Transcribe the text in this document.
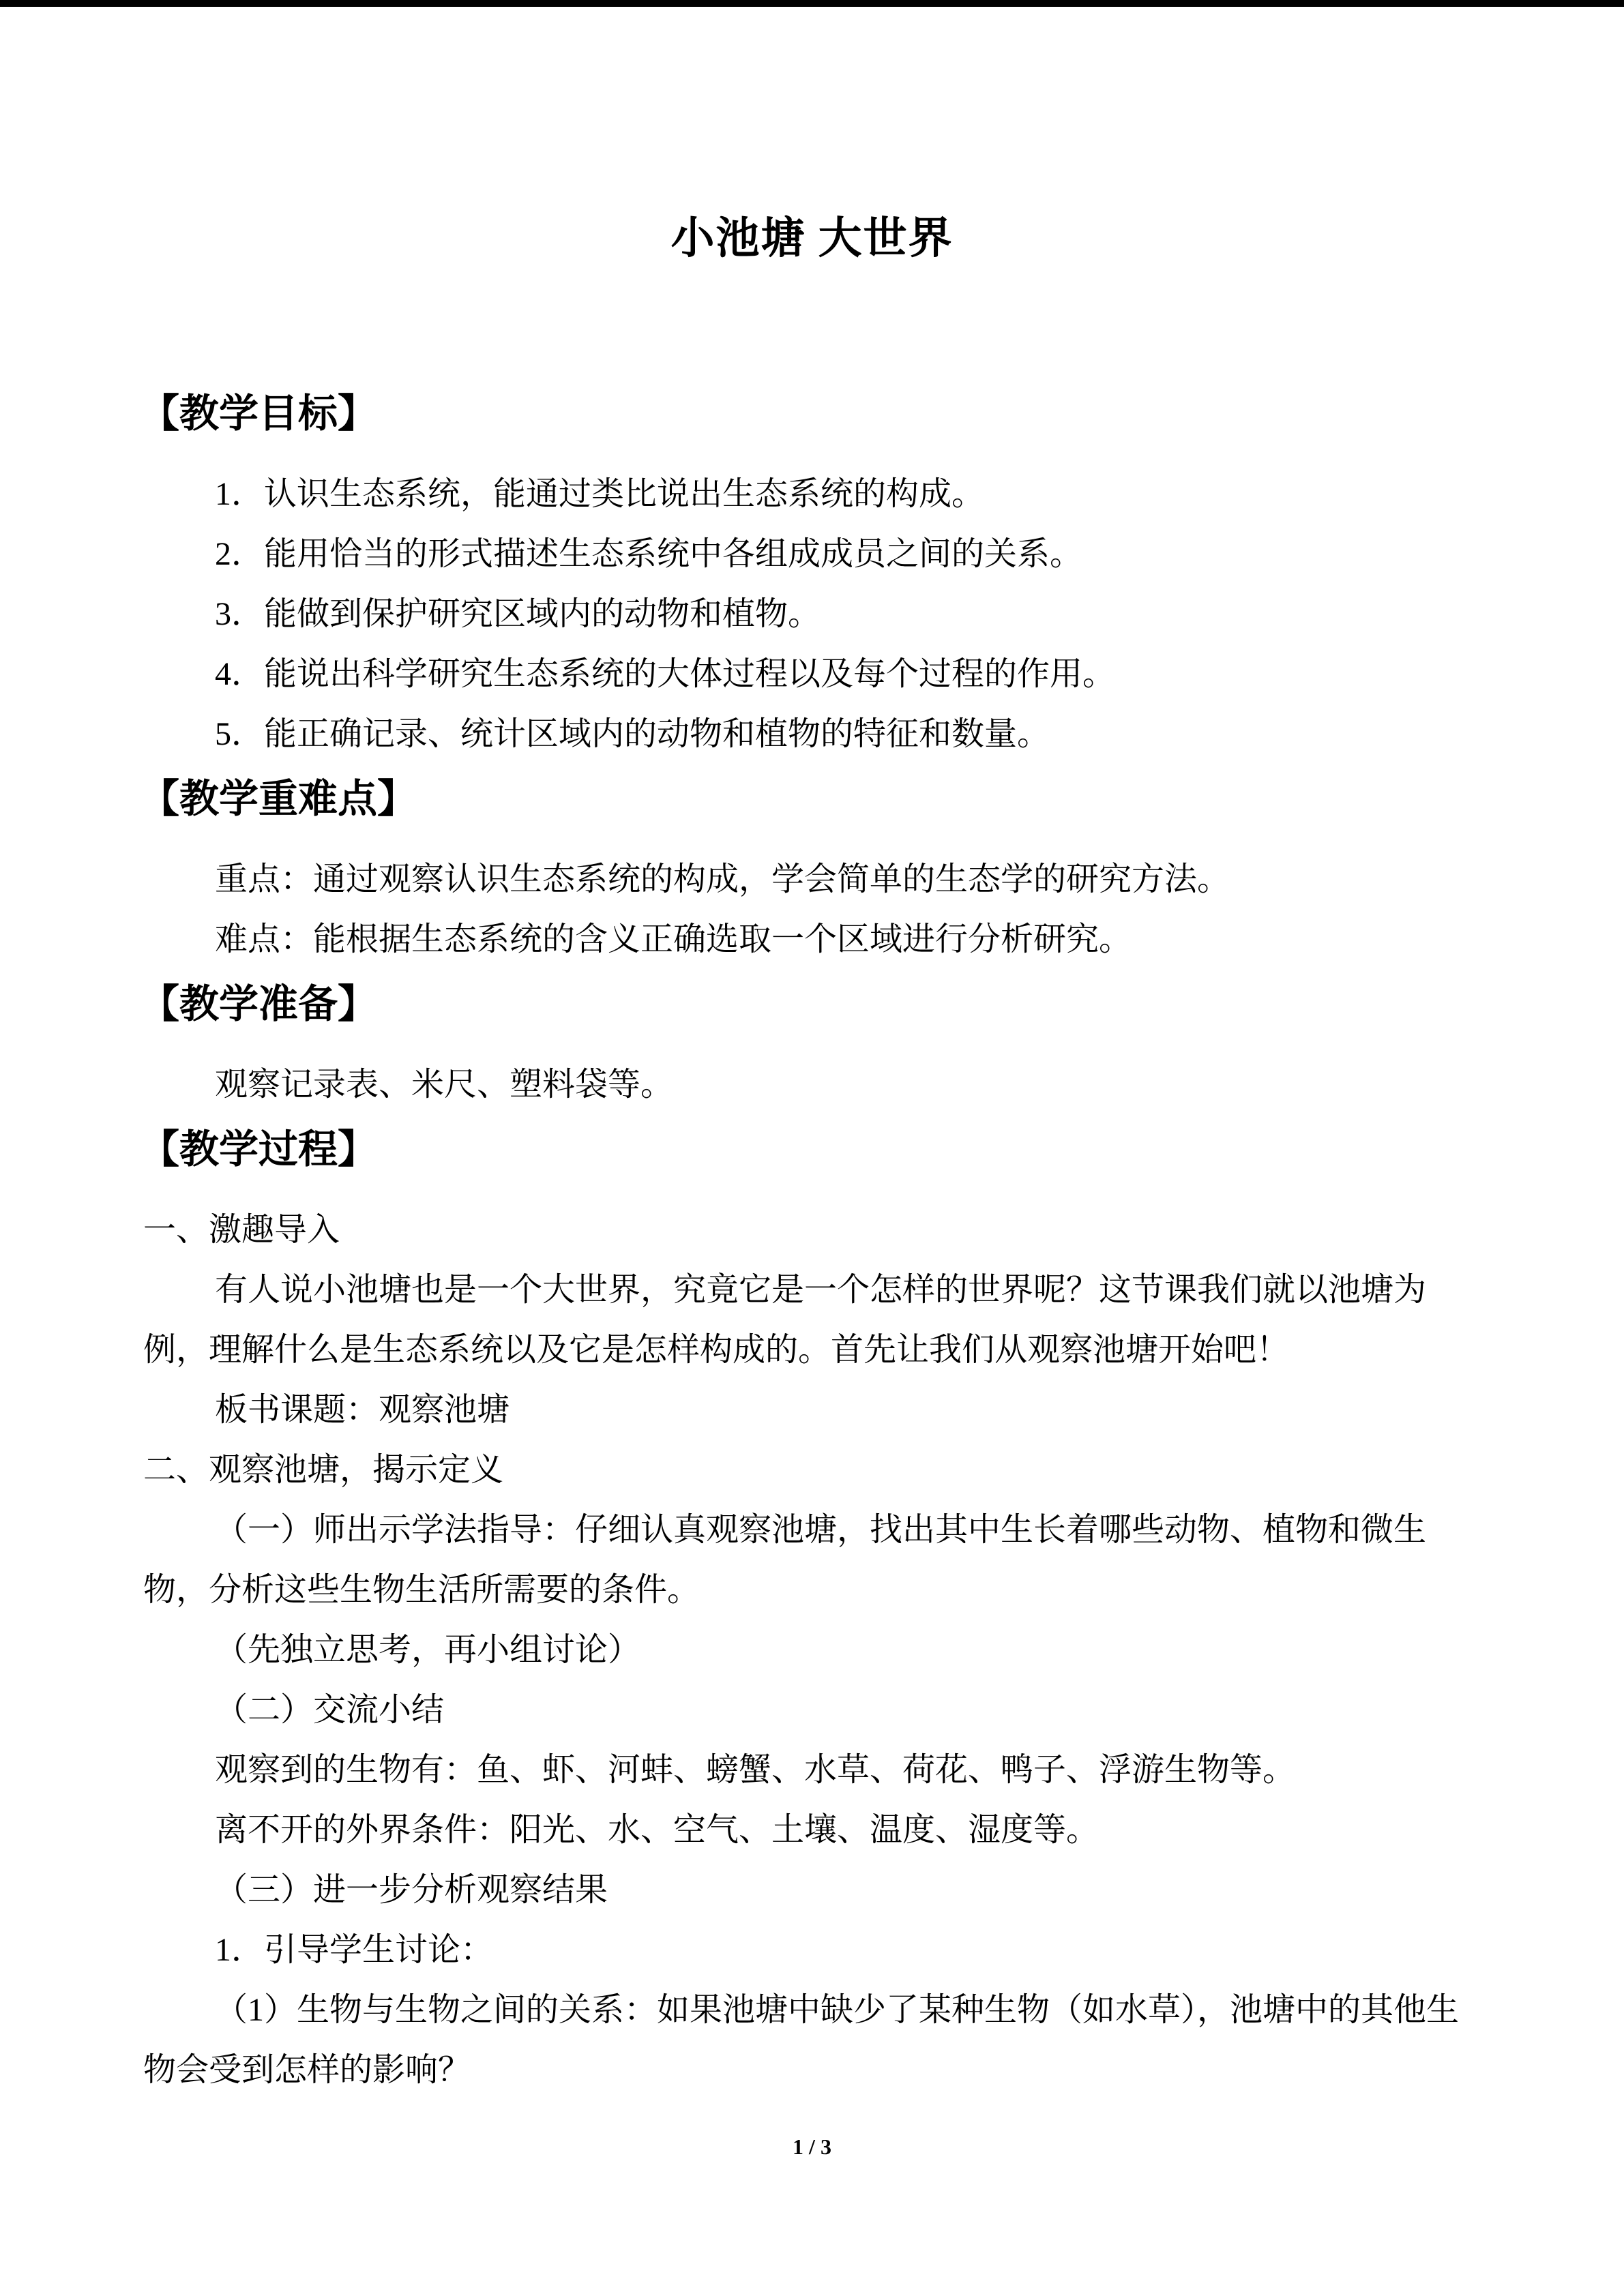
小池塘 大世界
【教学目标】
1．认识生态系统，能通过类比说出生态系统的构成。
2．能用恰当的形式描述生态系统中各组成成员之间的关系。
3．能做到保护研究区域内的动物和植物。
4．能说出科学研究生态系统的大体过程以及每个过程的作用。
5．能正确记录、统计区域内的动物和植物的特征和数量。
【教学重难点】
重点：通过观察认识生态系统的构成，学会简单的生态学的研究方法。
难点：能根据生态系统的含义正确选取一个区域进行分析研究。
【教学准备】
观察记录表、米尺、塑料袋等。
【教学过程】
一、激趣导入
有人说小池塘也是一个大世界，究竟它是一个怎样的世界呢？这节课我们就以池塘为
例，理解什么是生态系统以及它是怎样构成的。首先让我们从观察池塘开始吧！
板书课题：观察池塘
二、观察池塘，揭示定义
（一）师出示学法指导：仔细认真观察池塘，找出其中生长着哪些动物、植物和微生
物，分析这些生物生活所需要的条件。
（先独立思考，再小组讨论）
（二）交流小结
观察到的生物有：鱼、虾、河蚌、螃蟹、水草、荷花、鸭子、浮游生物等。
离不开的外界条件：阳光、水、空气、土壤、温度、湿度等。
（三）进一步分析观察结果
1．引导学生讨论：
（1）生物与生物之间的关系：如果池塘中缺少了某种生物（如水草），池塘中的其他生
物会受到怎样的影响？
1 / 3
